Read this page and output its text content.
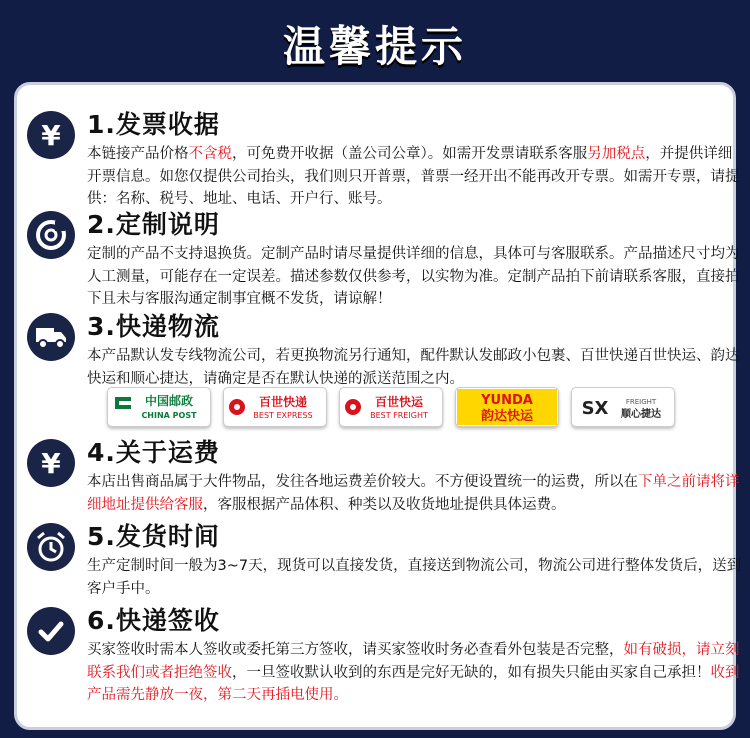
温馨提示
¥ 1.发票收据
本链接产品价格不含税，可免费开收据（盖公司公章）。如需开发票请联系客服另加税点，并提供详细开票信息。如您仅提供公司抬头，我们则只开普票，普票一经开出不能再改开专票。如需开专票，请提供：名称、税号、地址、电话、开户行、账号。
2.定制说明
定制的产品不支持退换货。定制产品时请尽量提供详细的信息，具体可与客服联系。产品描述尺寸均为人工测量，可能存在一定误差。描述参数仅供参考，以实物为准。定制产品拍下前请联系客服，直接拍下且未与客服沟通定制事宜概不发货，请谅解！
3.快递物流
本产品默认发专线物流公司，若更换物流另行通知，配件默认发邮政小包裹、百世快递百世快运、韵达快运和顺心捷达，请确定是否在默认快递的派送范围之内。
中国邮政
CHINA POST
百世快递
BEST EXPRESS
百世快运
BEST FREIGHT
YUNDA
韵达快运	SX FREIGHT
顺心捷达
¥ 4.关于运费
本店出售商品属于大件物品，发往各地运费差价较大。不方便设置统一的运费，所以在下单之前请将详细地址提供给客服，客服根据产品体积、种类以及收货地址提供具体运费。
5.发货时间
生产定制时间一般为3~7天，现货可以直接发货，直接送到物流公司，物流公司进行整体发货后，送到客户手中。
6.快递签收
买家签收时需本人签收或委托第三方签收，请买家签收时务必查看外包装是否完整，如有破损，请立刻联系我们或者拒绝签收，一旦签收默认收到的东西是完好无缺的，如有损失只能由买家自己承担！收到产品需先静放一夜，第二天再插电使用。
